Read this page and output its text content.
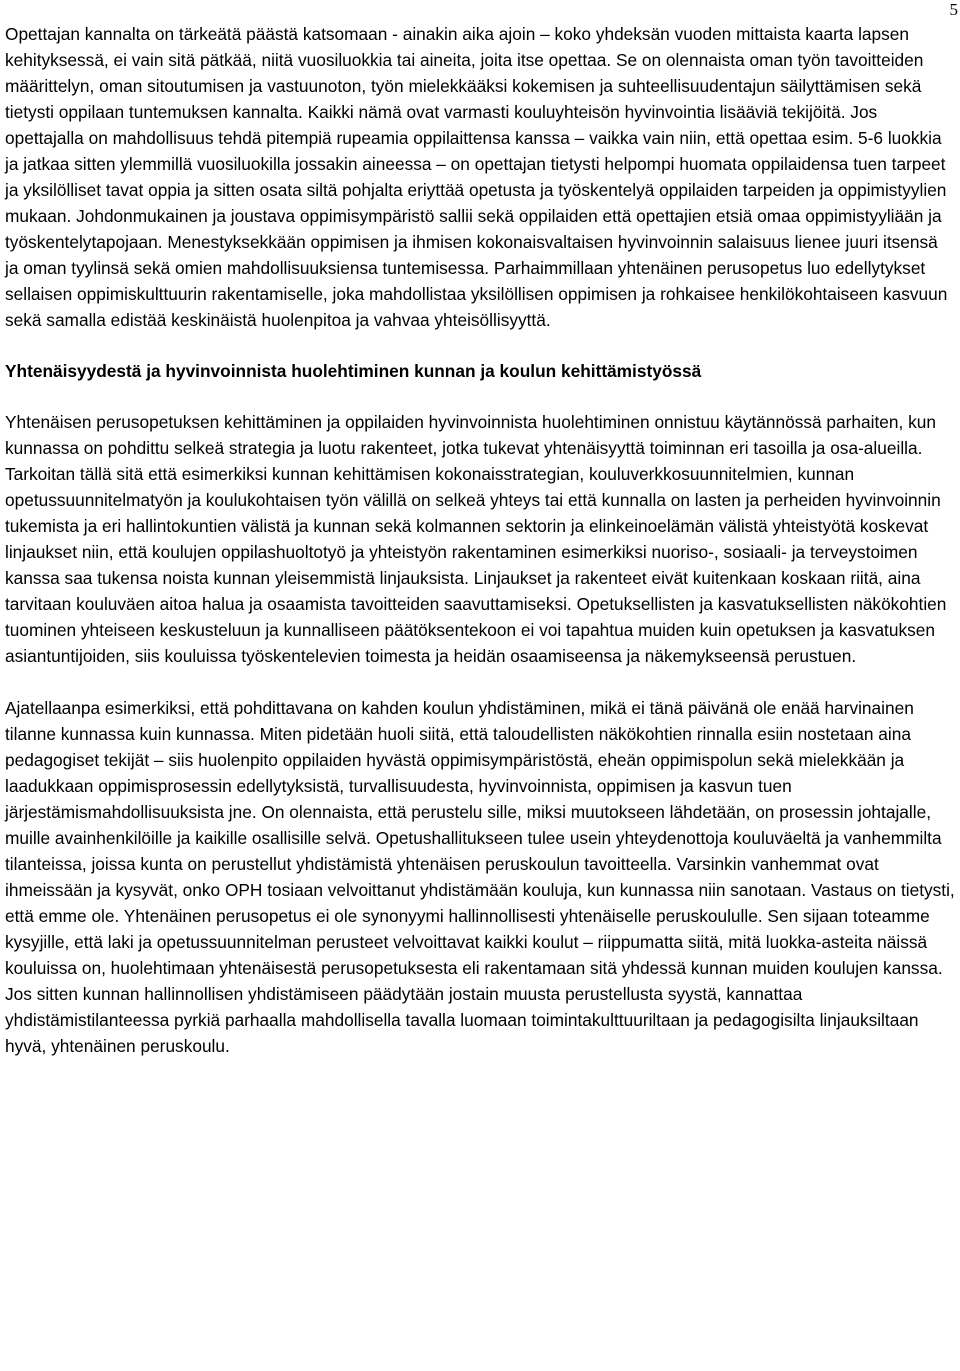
5

Opettajan kannalta on tärkeätä päästä katsomaan - ainakin aika ajoin – koko yhdeksän vuoden mittaista kaarta lapsen kehityksessä, ei vain sitä pätkää, niitä vuosiluokkia tai aineita, joita itse opettaa. Se on olennaista oman työn tavoitteiden määrittelyn, oman sitoutumisen ja vastuunoton, työn mielekkääksi kokemisen ja suhteellisuudentajun säilyttämisen sekä tietysti oppilaan tuntemuksen kannalta. Kaikki nämä ovat varmasti kouluyhteisön hyvinvointia lisääviä tekijöitä. Jos opettajalla on mahdollisuus tehdä pitempiä rupeamia oppilaittensa kanssa – vaikka vain niin, että opettaa esim. 5-6 luokkia ja jatkaa sitten ylemmillä vuosiluokilla jossakin aineessa – on opettajan tietysti helpompi huomata oppilaidensa tuen tarpeet ja yksilölliset tavat oppia ja sitten osata siltä pohjalta eriyttää opetusta ja työskentelyä oppilaiden tarpeiden ja oppimistyylien mukaan. Johdonmukainen ja joustava oppimisympäristö sallii sekä oppilaiden että opettajien etsiä omaa oppimistyyliään ja työskentelytapojaan. Menestyksekkään oppimisen ja ihmisen kokonaisvaltaisen hyvinvoinnin salaisuus lienee juuri itsensä ja oman tyylinsä sekä omien mahdollisuuksiensa tuntemisessa. Parhaimmillaan yhtenäinen perusopetus luo edellytykset sellaisen oppimiskulttuurin rakentamiselle, joka mahdollistaa yksilöllisen oppimisen ja rohkaisee henkilökohtaiseen kasvuun sekä samalla edistää keskinäistä huolenpitoa ja vahvaa yhteisöllisyyttä.

Yhtenäisyydestä ja hyvinvoinnista huolehtiminen kunnan ja koulun kehittämistyössä

Yhtenäisen perusopetuksen kehittäminen ja oppilaiden hyvinvoinnista huolehtiminen onnistuu käytännössä parhaiten, kun kunnassa on pohdittu selkeä strategia ja luotu rakenteet, jotka tukevat yhtenäisyyttä toiminnan eri tasoilla ja osa-alueilla. Tarkoitan tällä sitä että esimerkiksi kunnan kehittämisen kokonaisstrategian, kouluverkkosuunnitelmien, kunnan opetussuunnitelmatyön ja koulukohtaisen työn välillä on selkeä yhteys tai että kunnalla on lasten ja perheiden hyvinvoinnin tukemista ja eri hallintokuntien välistä ja kunnan sekä kolmannen sektorin ja elinkeinoelämän välistä yhteistyötä koskevat linjaukset niin, että koulujen oppilashuoltotyö ja yhteistyön rakentaminen esimerkiksi nuoriso-, sosiaali- ja terveystoimen kanssa saa tukensa noista kunnan yleisemmistä linjauksista. Linjaukset ja rakenteet eivät kuitenkaan koskaan riitä, aina tarvitaan kouluväen aitoa halua ja osaamista tavoitteiden saavuttamiseksi. Opetuksellisten ja kasvatuksellisten näkökohtien tuominen yhteiseen keskusteluun ja kunnalliseen päätöksentekoon ei voi tapahtua muiden kuin opetuksen ja kasvatuksen asiantuntijoiden, siis kouluissa työskentelevien toimesta ja heidän osaamiseensa ja näkemykseensä perustuen.

Ajatellaanpa esimerkiksi, että pohdittavana on kahden koulun yhdistäminen, mikä ei tänä päivänä ole enää harvinainen tilanne kunnassa kuin kunnassa. Miten pidetään huoli siitä, että taloudellisten näkökohtien rinnalla esiin nostetaan aina pedagogiset tekijät – siis huolenpito oppilaiden hyvästä oppimisympäristöstä, eheän oppimispolun sekä mielekkään ja laadukkaan oppimisprosessin edellytyksistä, turvallisuudesta, hyvinvoinnista, oppimisen ja kasvun tuen järjestämismahdollisuuksista jne. On olennaista, että perustelu sille, miksi muutokseen lähdetään, on prosessin johtajalle, muille avainhenkilöille ja kaikille osallisille selvä. Opetushallitukseen tulee usein yhteydenottoja kouluväeltä ja vanhemmilta tilanteissa, joissa kunta on perustellut yhdistämistä yhtenäisen peruskoulun tavoitteella. Varsinkin vanhemmat ovat ihmeissään ja kysyvät, onko OPH tosiaan velvoittanut yhdistämään kouluja, kun kunnassa niin sanotaan. Vastaus on tietysti, että emme ole. Yhtenäinen perusopetus ei ole synonyymi hallinnollisesti yhtenäiselle peruskoululle. Sen sijaan toteamme kysyjille, että laki ja opetussuunnitelman perusteet velvoittavat kaikki koulut – riippumatta siitä, mitä luokka-asteita näissä kouluissa on, huolehtimaan yhtenäisestä perusopetuksesta eli rakentamaan sitä yhdessä kunnan muiden koulujen kanssa. Jos sitten kunnan hallinnollisen yhdistämiseen päädytään jostain muusta perustellusta syystä, kannattaa yhdistämistilanteessa pyrkiä parhaalla mahdollisella tavalla luomaan toimintakulttuuriltaan ja pedagogisilta linjauksiltaan hyvä, yhtenäinen peruskoulu.
